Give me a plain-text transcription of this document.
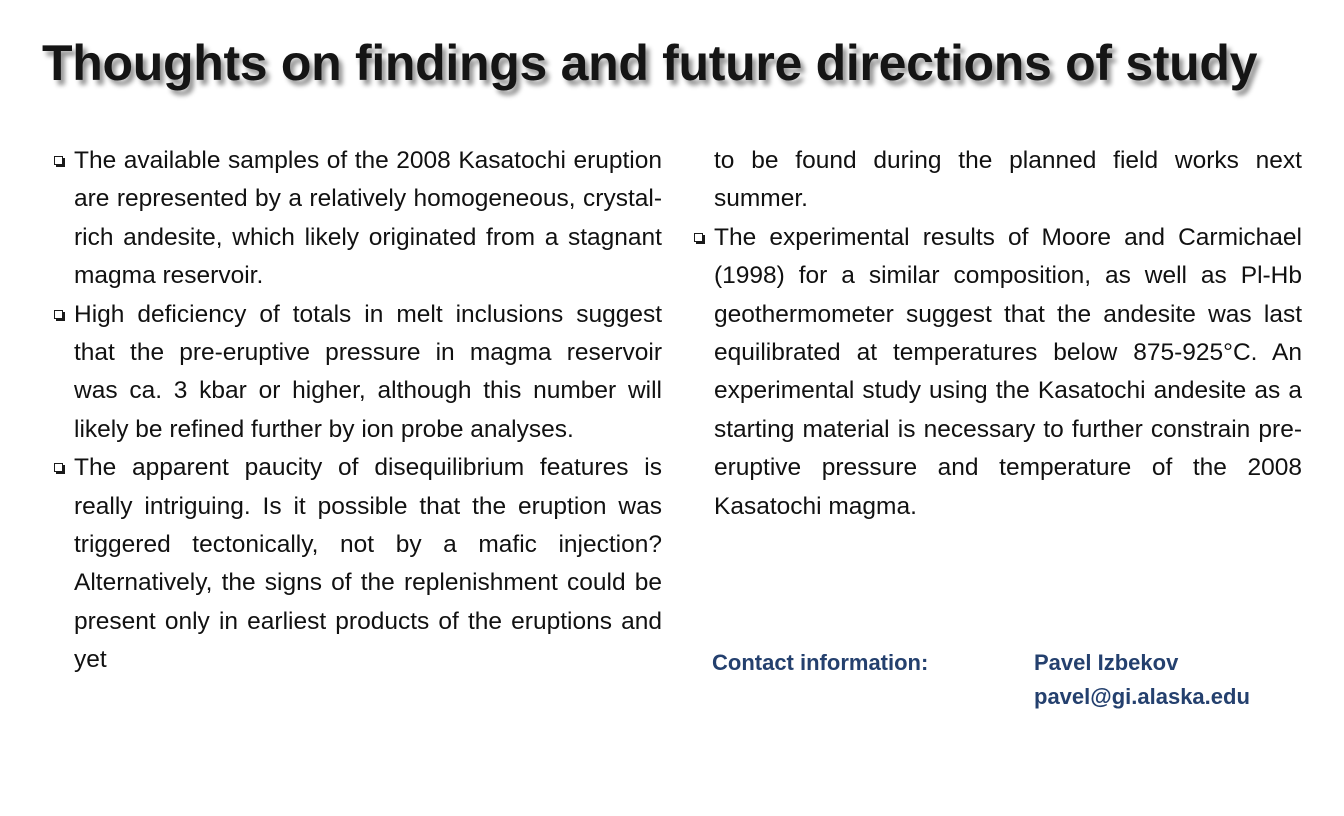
Thoughts on findings and future directions of study

The available samples of the 2008 Kasatochi eruption are represented by a relatively homogeneous, crystal-rich andesite, which likely originated from a stagnant magma reservoir.

High deficiency of totals in melt inclusions suggest that the pre-eruptive pressure in magma reservoir was ca. 3 kbar or higher, although this number will likely be refined further by ion probe analyses.

The apparent paucity of disequilibrium features is really intriguing. Is it possible that the eruption was triggered tectonically, not by a mafic injection? Alternatively, the signs of the replenishment could be present only in earliest products of the eruptions and yet

to be found during the planned field works next summer.

The experimental results of Moore and Carmichael (1998) for a similar composition, as well as Pl-Hb geothermometer suggest that the andesite was last equilibrated at temperatures below 875-925°C. An experimental study using the Kasatochi andesite as a starting material is necessary to further constrain pre-eruptive pressure and temperature of the 2008 Kasatochi magma.

Contact information:	Pavel Izbekov
pavel@gi.alaska.edu
